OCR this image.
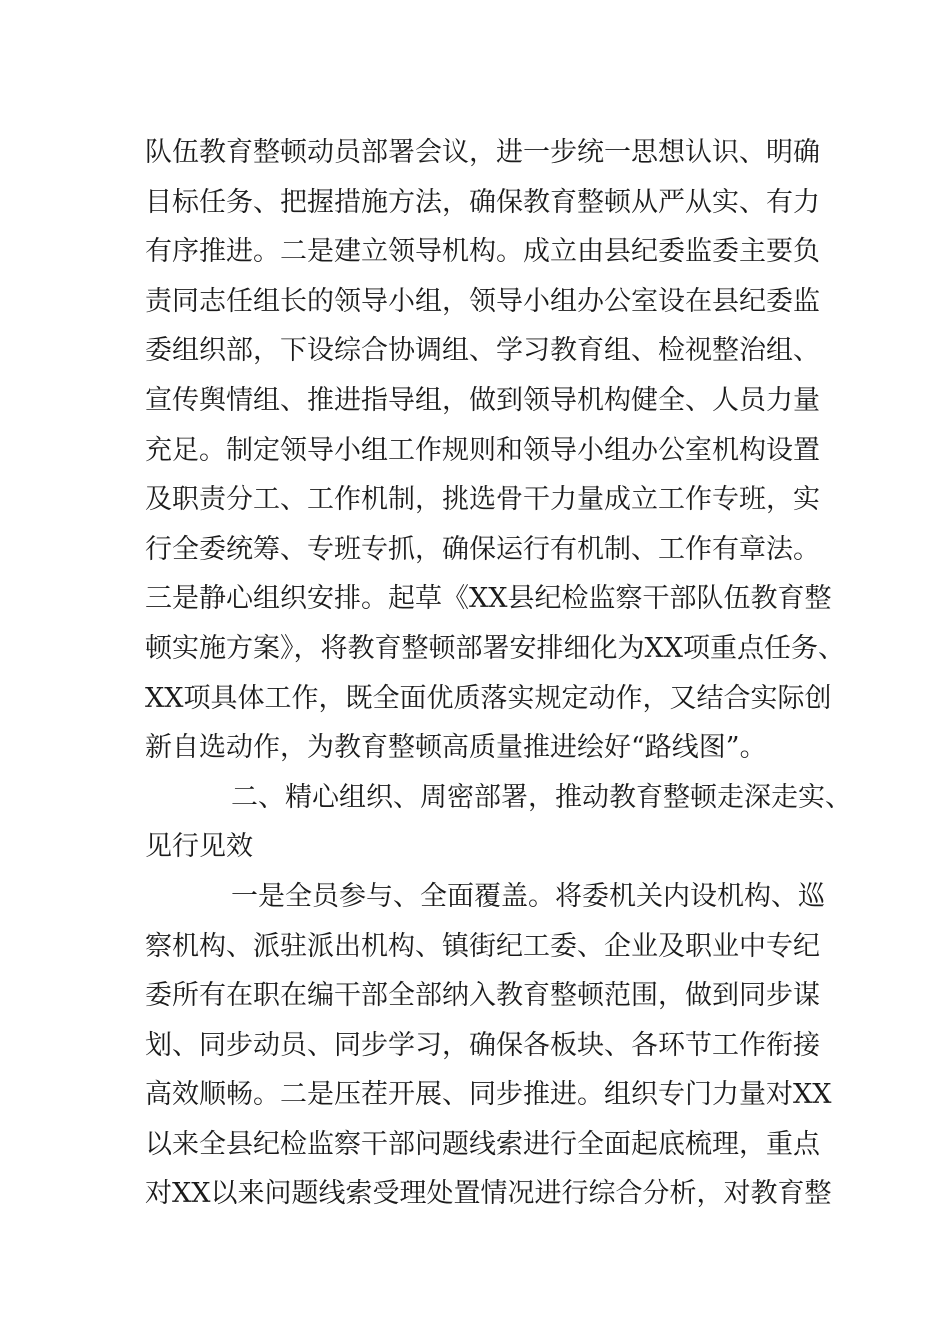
队伍教育整顿动员部署会议，进一步统一思想认识、明确
目标任务、把握措施方法，确保教育整顿从严从实、有力
有序推进。二是建立领导机构。成立由县纪委监委主要负
责同志任组长的领导小组，领导小组办公室设在县纪委监
委组织部，下设综合协调组、学习教育组、检视整治组、
宣传舆情组、推进指导组，做到领导机构健全、人员力量
充足。制定领导小组工作规则和领导小组办公室机构设置
及职责分工、工作机制，挑选骨干力量成立工作专班，实
行全委统筹、专班专抓，确保运行有机制、工作有章法。
三是静心组织安排。起草《XX县纪检监察干部队伍教育整
顿实施方案》，将教育整顿部署安排细化为XX项重点任务、
XX项具体工作，既全面优质落实规定动作，又结合实际创
新自选动作，为教育整顿高质量推进绘好“路线图”。
二、精心组织、周密部署，推动教育整顿走深走实、
见行见效
一是全员参与、全面覆盖。将委机关内设机构、巡
察机构、派驻派出机构、镇街纪工委、企业及职业中专纪
委所有在职在编干部全部纳入教育整顿范围，做到同步谋
划、同步动员、同步学习，确保各板块、各环节工作衔接
高效顺畅。二是压茬开展、同步推进。组织专门力量对XX
以来全县纪检监察干部问题线索进行全面起底梳理，重点
对XX以来问题线索受理处置情况进行综合分析，对教育整
